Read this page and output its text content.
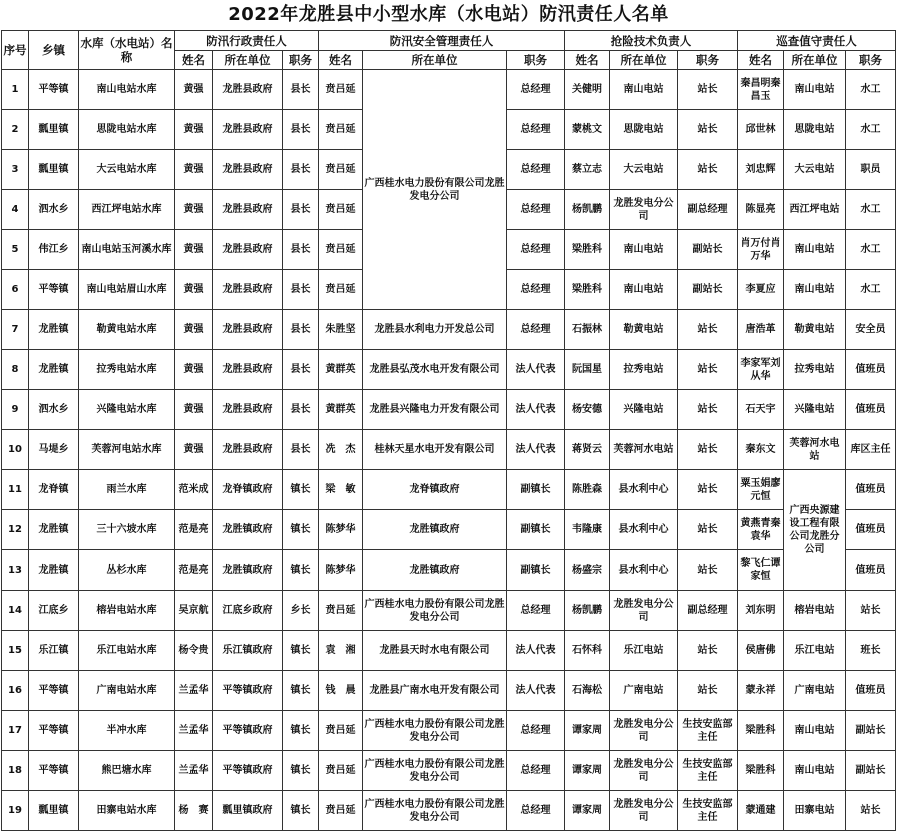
2022年龙胜县中小型水库（水电站）防汛责任人名单
序号	乡镇	水库（水电站）名称	防汛行政责任人			防汛安全管理责任人			抢险技术负责人			巡查值守责任人		
			姓名	所在单位	职务	姓名	所在单位	职务	姓名	所在单位	职务	姓名	所在单位	职务
1	平等镇	南山电站水库	黄强	龙胜县政府	县长	贲吕延	广西桂水电力股份有限公司龙胜发电分公司	总经理	关健明	南山电站	站长	秦昌明秦昌玉	南山电站	水工
2	瓢里镇	思陇电站水库	黄强	龙胜县政府	县长	贲吕延		总经理	蒙桃文	思陇电站	站长	邱世林	思陇电站	水工
3	瓢里镇	大云电站水库	黄强	龙胜县政府	县长	贲吕延		总经理	蔡立志	大云电站	站长	刘忠辉	大云电站	职员
4	泗水乡	西江坪电站水库	黄强	龙胜县政府	县长	贲吕延		总经理	杨凯鹏	龙胜发电分公司	副总经理	陈显亮	西江坪电站	水工
5	伟江乡	南山电站玉河溪水库	黄强	龙胜县政府	县长	贲吕延		总经理	梁胜科	南山电站	副站长	肖万付肖万华	南山电站	水工
6	平等镇	南山电站眉山水库	黄强	龙胜县政府	县长	贲吕延		总经理	梁胜科	南山电站	副站长	李夏应	南山电站	水工
7	龙胜镇	勒黄电站水库	黄强	龙胜县政府	县长	朱胜坚	龙胜县水利电力开发总公司	总经理	石振林	勒黄电站	站长	唐浩革	勒黄电站	安全员
8	龙胜镇	拉秀电站水库	黄强	龙胜县政府	县长	黄群英	龙胜县弘茂水电开发有限公司	法人代表	阮国星	拉秀电站	站长	李家军刘从华	拉秀电站	值班员
9	泗水乡	兴隆电站水库	黄强	龙胜县政府	县长	黄群英	龙胜县兴隆电力开发有限公司	法人代表	杨安德	兴隆电站	站长	石天宇	兴隆电站	值班员
10	马堤乡	芙蓉河电站水库	黄强	龙胜县政府	县长	冼　杰	桂林天星水电开发有限公司	法人代表	蒋贤云	芙蓉河水电站	站长	秦东文	芙蓉河水电站	库区主任
11	龙脊镇	雨兰水库	范米成	龙脊镇政府	镇长	梁　敏	龙脊镇政府	副镇长	陈胜森	县水利中心	站长	粟玉娟廖元恒	广西央源建设工程有限公司龙胜分公司	值班员
12	龙胜镇	三十六坡水库	范是亮	龙胜镇政府	镇长	陈梦华	龙胜镇政府	副镇长	韦隆康	县水利中心	站长	黄燕青秦袁华		值班员
13	龙胜镇	丛杉水库	范是亮	龙胜镇政府	镇长	陈梦华	龙胜镇政府	副镇长	杨盛宗	县水利中心	站长	黎飞仁谭家恒		值班员
14	江底乡	榕岩电站水库	吴京航	江底乡政府	乡长	贲吕延	广西桂水电力股份有限公司龙胜发电分公司	总经理	杨凯鹏	龙胜发电分公司	副总经理	刘东明	榕岩电站	站长
15	乐江镇	乐江电站水库	杨令贵	乐江镇政府	镇长	袁　湘	龙胜县天时水电有限公司	法人代表	石怀科	乐江电站	站长	侯唐佛	乐江电站	班长
16	平等镇	广南电站水库	兰孟华	平等镇政府	镇长	钱　晨	龙胜县广南水电开发有限公司	法人代表	石海松	广南电站	站长	蒙永祥	广南电站	值班员
17	平等镇	半冲水库	兰孟华	平等镇政府	镇长	贲吕延	广西桂水电力股份有限公司龙胜发电分公司	总经理	谭家周	龙胜发电分公司	生技安监部主任	梁胜科	南山电站	副站长
18	平等镇	熊巴塘水库	兰孟华	平等镇政府	镇长	贲吕延	广西桂水电力股份有限公司龙胜发电分公司	总经理	谭家周	龙胜发电分公司	生技安监部主任	梁胜科	南山电站	副站长
19	瓢里镇	田寨电站水库	杨　赛	瓢里镇政府	镇长	贲吕延	广西桂水电力股份有限公司龙胜发电分公司	总经理	谭家周	龙胜发电分公司	生技安监部主任	蒙通建	田寨电站	站长
